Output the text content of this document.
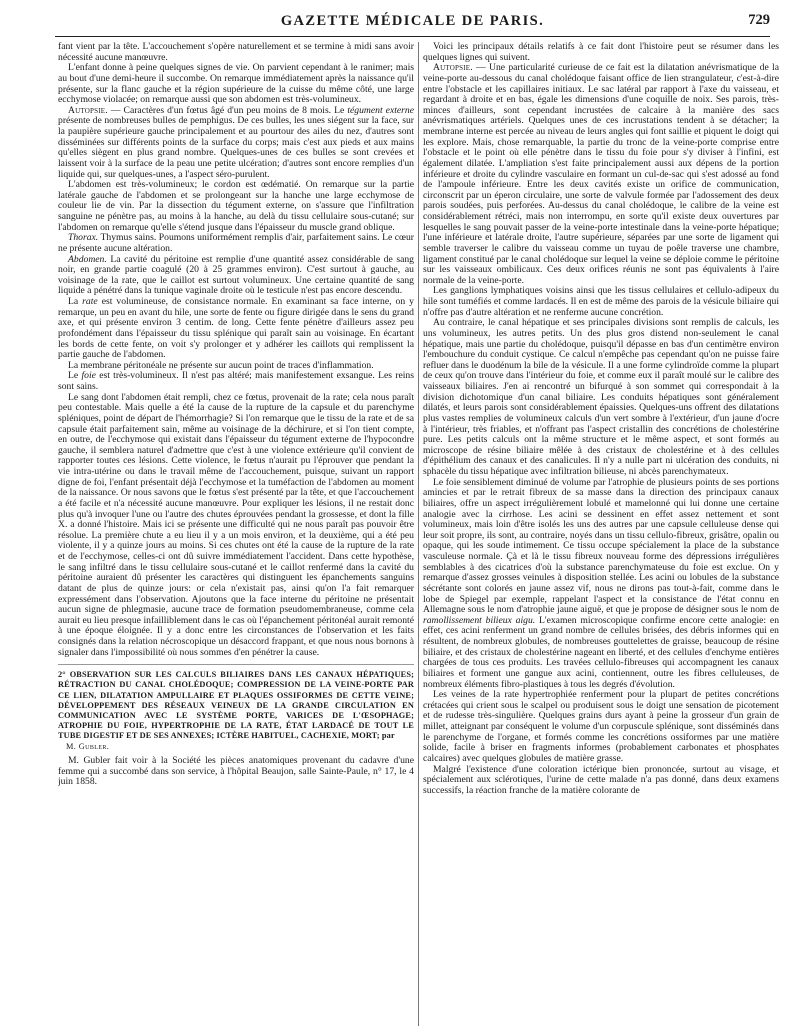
GAZETTE MÉDICALE DE PARIS.	729

fant vient par la tête. L'accouchement s'opère naturellement et se termine à midi sans avoir nécessité aucune manœuvre.

L'enfant donne à peine quelques signes de vie. On parvient cependant à le ranimer; mais au bout d'une demi-heure il succombe. On remarque immédiatement après la naissance qu'il présente, sur la flanc gauche et la région supérieure de la cuisse du même côté, une large ecchymose violacée; on remarque aussi que son abdomen est très-volumineux.

Autopsie. — Caractères d'un fœtus âgé d'un peu moins de 8 mois. Le tégument externe présente de nombreuses bulles de pemphigus. De ces bulles, les unes siégent sur la face, sur la paupière supérieure gauche principalement et au pourtour des ailes du nez, d'autres sont disséminées sur différents points de la surface du corps; mais c'est aux pieds et aux mains qu'elles siègent en plus grand nombre. Quelques-unes de ces bulles se sont crevées et laissent voir à la surface de la peau une petite ulcération; d'autres sont encore remplies d'un liquide qui, sur quelques-unes, a l'aspect séro-purulent.

L'abdomen est très-volumineux; le cordon est œdématié. On remarque sur la partie latérale gauche de l'abdomen et se prolongeant sur la hanche une large ecchymose de couleur lie de vin. Par la dissection du tégument externe, on s'assure que l'infiltration sanguine ne pénètre pas, au moins à la hanche, au delà du tissu cellulaire sous-cutané; sur l'abdomen on remarque qu'elle s'étend jusque dans l'épaisseur du muscle grand oblique.

Thorax. Thymus sains. Poumons uniformément remplis d'air, parfaitement sains. Le cœur ne présente aucune altération.

Abdomen. La cavité du péritoine est remplie d'une quantité assez considérable de sang noir, en grande partie coagulé (20 à 25 grammes environ). C'est surtout à gauche, au voisinage de la rate, que le caillot est surtout volumineux. Une certaine quantité de sang liquide a pénétré dans la tunique vaginale droite où le testicule n'est pas encore descendu.

La rate est volumineuse, de consistance normale. En examinant sa face interne, on y remarque, un peu en avant du hile, une sorte de fente ou figure dirigée dans le sens du grand axe, et qui présente environ 3 centim. de long. Cette fente pénètre d'ailleurs assez peu profondément dans l'épaisseur du tissu splénique qui paraît sain au voisinage. En écartant les bords de cette fente, on voit s'y prolonger et y adhérer les caillots qui remplissent la partie gauche de l'abdomen.

La membrane péritonéale ne présente sur aucun point de traces d'inflammation.

Le foie est très-volumineux. Il n'est pas altéré; mais manifestement exsangue. Les reins sont sains.

Le sang dont l'abdomen était rempli, chez ce fœtus, provenait de la rate; cela nous paraît peu contestable. Mais quelle a été la cause de la rupture de la capsule et du parenchyme spléniques, point de départ de l'hémorrhagie? Si l'on remarque que le tissu de la rate et de sa capsule était parfaitement sain, même au voisinage de la déchirure, et si l'on tient compte, en outre, de l'ecchymose qui existait dans l'épaisseur du tégument externe de l'hypocondre gauche, il semblera naturel d'admettre que c'est à une violence extérieure qu'il convient de rapporter toutes ces lésions. Cette violence, le fœtus n'aurait pu l'éprouver que pendant la vie intra-utérine ou dans le travail même de l'accouchement, puisque, suivant un rapport digne de foi, l'enfant présentait déjà l'ecchymose et la tuméfaction de l'abdomen au moment de la naissance. Or nous savons que le fœtus s'est présenté par la tête, et que l'accouchement a été facile et n'a nécessité aucune manœuvre. Pour expliquer les lésions, il ne restait donc plus qu'à invoquer l'une ou l'autre des chutes éprouvées pendant la grossesse, et dont la fille X. a donné l'histoire. Mais ici se présente une difficulté qui ne nous paraît pas pouvoir être résolue. La première chute a eu lieu il y a un mois environ, et la deuxième, qui a été peu violente, il y a quinze jours au moins. Si ces chutes ont été la cause de la rupture de la rate et de l'ecchymose, celles-ci ont dû suivre immédiatement l'accident. Dans cette hypothèse, le sang infiltré dans le tissu cellulaire sous-cutané et le caillot renfermé dans la cavité du péritoine auraient dû présenter les caractères qui distinguent les épanchements sanguins datant de plus de quinze jours: or cela n'existait pas, ainsi qu'on l'a fait remarquer expressément dans l'observation. Ajoutons que la face interne du péritoine ne présentait aucun signe de phlegmasie, aucune trace de formation pseudomembraneuse, comme cela aurait eu lieu presque infailliblement dans le cas où l'épanchement péritonéal aurait remonté à une époque éloignée. Il y a donc entre les circonstances de l'observation et les faits consignés dans la relation nécroscopique un désaccord frappant, et que nous nous bornons à signaler dans l'impossibilité où nous sommes d'en pénétrer la cause.

2° OBSERVATION SUR LES CALCULS BILIAIRES DANS LES CANAUX HÉPATIQUES; RÉTRACTION DU CANAL CHOLÉDOQUE; COMPRESSION DE LA VEINE-PORTE PAR CE LIEN, DILATATION AMPULLAIRE ET PLAQUES OSSIFORMES DE CETTE VEINE; DÉVELOPPEMENT DES RÉSEAUX VEINEUX DE LA GRANDE CIRCULATION EN COMMUNICATION AVEC LE SYSTÈME PORTE, VARICES DE L'ŒSOPHAGE; ATROPHIE DU FOIE, HYPERTROPHIE DE LA RATE, ÉTAT LARDACÉ DE TOUT LE TUBE DIGESTIF ET DE SES ANNEXES; ICTÈRE HABITUEL, CACHEXIE, MORT; par
M. Gubler.

M. Gubler fait voir à la Société les pièces anatomiques provenant du cadavre d'une femme qui a succombé dans son service, à l'hôpital Beaujon, salle Sainte-Paule, n° 17, le 4 juin 1858.

Voici les principaux détails relatifs à ce fait dont l'histoire peut se résumer dans les quelques lignes qui suivent.

Autopsie. — Une particularité curieuse de ce fait est la dilatation anévrismatique de la veine-porte au-dessous du canal cholédoque faisant office de lien strangulateur, c'est-à-dire entre l'obstacle et les capillaires initiaux. Le sac latéral par rapport à l'axe du vaisseau, et regardant à droite et en bas, égale les dimensions d'une coquille de noix. Ses parois, très-minces d'ailleurs, sont cependant incrustées de calcaire à la manière des sacs anévrismatiques artériels. Quelques unes de ces incrustations tendent à se détacher; la membrane interne est percée au niveau de leurs angles qui font saillie et piquent le doigt qui les explore. Mais, chose remarquable, la partie du tronc de la veine-porte comprise entre l'obstacle et le point où elle pénètre dans le tissu du foie pour s'y diviser à l'infini, est également dilatée. L'ampliation s'est faite principalement aussi aux dépens de la portion inférieure et droite du cylindre vasculaire en formant un cul-de-sac qui s'est adossé au fond de l'ampoule inférieure. Entre les deux cavités existe un orifice de communication, circonscrit par un éperon circulaire, une sorte de valvule formée par l'adossement des deux parois soudées, puis perforées. Au-dessus du canal cholédoque, le calibre de la veine est considérablement rétréci, mais non interrompu, en sorte qu'il existe deux ouvertures par lesquelles le sang pouvait passer de la veine-porte intestinale dans la veine-porte hépatique; l'une inférieure et latérale droite, l'autre supérieure, séparées par une sorte de ligament qui semble traverser le calibre du vaisseau comme un tuyau de poêle traverse une chambre, ligament constitué par le canal cholédoque sur lequel la veine se déploie comme le péritoine sur les vaisseaux ombilicaux. Ces deux orifices réunis ne sont pas équivalents à l'aire normale de la veine-porte.

Les ganglions lymphatiques voisins ainsi que les tissus cellulaires et cellulo-adipeux du hile sont tuméfiés et comme lardacés. Il en est de même des parois de la vésicule biliaire qui n'offre pas d'autre altération et ne renferme aucune concrétion.

Au contraire, le canal hépatique et ses principales divisions sont remplis de calculs, les uns volumineux, les autres petits. Un des plus gros distend non-seulement le canal hépatique, mais une partie du cholédoque, puisqu'il dépasse en bas d'un centimètre environ l'embouchure du conduit cystique. Ce calcul n'empêche pas cependant qu'on ne puisse faire refluer dans le duodénum la bile de la vésicule. Il a une forme cylindroïde comme la plupart de ceux qu'on trouve dans l'intérieur du foie, et comme eux il paraît moulé sur le calibre des vaisseaux biliaires. J'en ai rencontré un bifurqué à son sommet qui correspondait à la division dichotomique d'un canal biliaire. Les conduits hépatiques sont généralement dilatés, et leurs parois sont considérablement épaissies. Quelques-uns offrent des dilatations plus vastes remplies de volumineux calculs d'un vert sombre à l'extérieur, d'un jaune d'ocre à l'intérieur, très friables, et n'offrant pas l'aspect cristallin des concrétions de cholestérine pure. Les petits calculs ont la même structure et le même aspect, et sont formés au microscope de résine biliaire mêlée à des cristaux de cholestérine et à des cellules d'épithélium des canaux et des canalicules. Il n'y a nulle part ni ulcération des conduits, ni sphacèle du tissu hépatique avec infiltration bilieuse, ni abcès parenchymateux.

Le foie sensiblement diminué de volume par l'atrophie de plusieurs points de ses portions amincies et par le retrait fibreux de sa masse dans la direction des principaux canaux biliaires, offre un aspect irrégulièrement lobulé et mamelonné qui lui donne une certaine analogie avec la cirrhose. Les acini se dessinent en effet assez nettement et sont volumineux, mais loin d'être isolés les uns des autres par une capsule celluleuse dense qui leur soit propre, ils sont, au contraire, noyés dans un tissu cellulo-fibreux, grisâtre, opalin ou opaque, qui les soude intimement. Ce tissu occupe spécialement la place de la substance vasculeuse normale. Çà et là le tissu fibreux nouveau forme des dépressions irrégulières semblables à des cicatrices d'où la substance parenchymateuse du foie est exclue. On y remarque d'assez grosses veinules à disposition stellée. Les acini ou lobules de la substance sécrétante sont colorés en jaune assez vif, nous ne dirons pas tout-à-fait, comme dans le lobe de Spiegel par exemple, rappelant l'aspect et la consistance de l'état connu en Allemagne sous le nom d'atrophie jaune aiguë, et que je propose de désigner sous le nom de ramollissement bilieux aigu. L'examen microscopique confirme encore cette analogie: en effet, ces acini renferment un grand nombre de cellules brisées, des débris informes qui en résultent, de nombreux globules, de nombreuses gouttelettes de graisse, beaucoup de résine biliaire, et des cristaux de cholestérine nageant en liberté, et des cellules d'enchyme entières chargées de tous ces produits. Les travées cellulo-fibreuses qui accompagnent les canaux biliaires et forment une gangue aux acini, contiennent, outre les fibres celluleuses, de nombreux éléments fibro-plastiques à tous les degrés d'évolution.

Les veines de la rate hypertrophiée renferment pour la plupart de petites concrétions crétacées qui crient sous le scalpel ou produisent sous le doigt une sensation de picotement et de rudesse très-singulière. Quelques grains durs ayant à peine la grosseur d'un grain de millet, atteignant par conséquent le volume d'un corpuscule splénique, sont disséminés dans le parenchyme de l'organe, et formés comme les concrétions ossiformes par une matière solide, facile à briser en fragments informes (probablement carbonates et phosphates calcaires) avec quelques globules de matière grasse.

Malgré l'existence d'une coloration ictérique bien prononcée, surtout au visage, et spécialement aux sclérotiques, l'urine de cette malade n'a pas donné, dans deux examens successifs, la réaction franche de la matière colorante de
